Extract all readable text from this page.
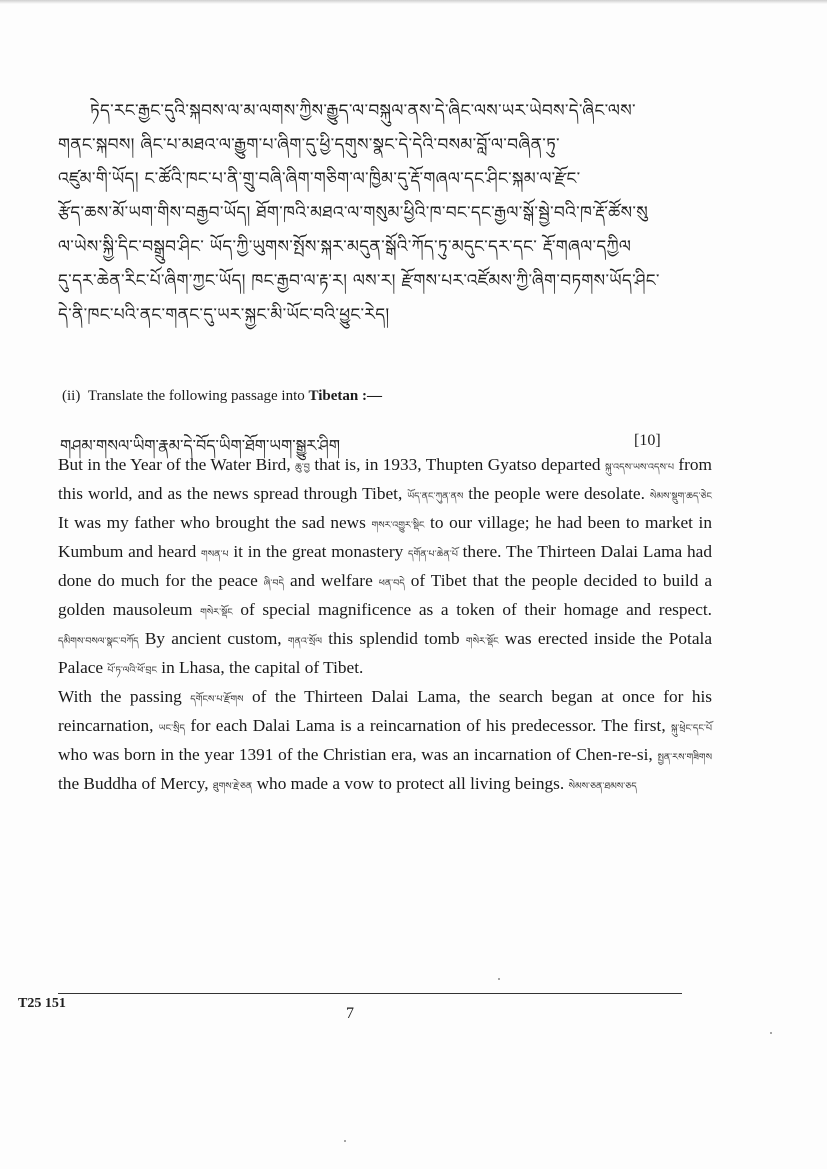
ཏེད་རང་རྒྱང་དུའི་སྐབས་ལ་མ་ལགས་ཀྱིས་རྒྱུད་ལ་བསྐུལ་ནས་དེ་ཞིང་ལས་ཡར་ཡེབས་དེ་ཞིང་ལས་
གནང་སྐབས། ཞིང་པ་མཐའ་ལ་རྒྱུག་པ་ཞིག་དུ་ཕྱི་དགུས་སྣང་དེ་དེའི་བསམ་བློ་ལ་བཞིན་ཏུ་
འཛུམ་གི་ཡོད། ང་ཚོའི་ཁང་པ་ནི་གྲུ་བཞི་ཞིག་གཅིག་ལ་ཁྱིམ་དུ་རྡོ་གཞལ་དང་ཤིང་སྐམ་ལ་རྫོང་
རྩོད་ཆས་མོ་ཡག་གིས་བརྒྱབ་ཡོད། ཐོག་ཁའི་མཐའ་ལ་གསུམ་ཕྱིའི་ཁ་བང་དང་རྒྱལ་སྒོ་སྦྱེ་བའི་ཁ་རྡོ་ཚོས་སུ
ལ་ཡེས་སྐྱི་དིང་བསྒྲུབ་ཤིང་ ཡོད་ཀྱི་ཡུགས་སྤོས་སྐར་མདུན་སྒོའི་ཀོད་ཏུ་མདུང་དར་དང་ རྡོ་གཞལ་དཀྱིལ
དུ་དར་ཆེན་རིང་པོ་ཞིག་ཀྱང་ཡོད། ཁང་རྒྱབ་ལ་རྟ་ར། ལས་ར། རྫོགས་པར་འཛོམས་ཀྱི་ཞིག་བཏགས་ཡོད་ཤིང་
དེ་ནི་ཁང་པའི་ནང་གནང་དུ་ཡར་སྐྱང་མི་ཡོང་བའི་ཕྱུང་རེད།
(ii) Translate the following passage into Tibetan :—
[10]
གཤམ་གསལ་ཡིག་རྣམ་དེ་བོད་ཡིག་ཐོག་ཡག་སྒྱུར་ཤིག

But in the Year of the Water Bird, ཆུ་བྱ that is, in 1933, Thupten Gyatso departed སྐུ་འདས་ཡས་འདས་པ from this world, and as the news spread through Tibet, ཡོད་ནང་ཀུན་ནས the people were desolate. སེམས་སྡུག་ཆད་ཅེང It was my father who brought the sad news གསར་འགྱུར་སྡིང to our village; he had been to market in Kumbum and heard གསན་པ it in the great monastery དགོན་པ་ཆེན་པོ there. The Thirteen Dalai Lama had done do much for the peace ཞི་བདེ and welfare ཕན་བདེ of Tibet that the people decided to build a golden mausoleum གསེར་སྡོང of special magnificence as a token of their homage and respect. དམིགས་བསལ་སྣང་བཀོད By ancient custom, གནའ་སྲོལ this splendid tomb གསེར་སྡོང was erected inside the Potala Palace པོ་ཏ་ལའི་ཕོ་བྲང in Lhasa, the capital of Tibet.

With the passing དགོངས་པ་རྫོགས of the Thirteen Dalai Lama, the search began at once for his reincarnation, ཡང་སྲིད for each Dalai Lama is a reincarnation of his predecessor. The first, སྐུ་ཕྲེང་དང་པོ who was born in the year 1391 of the Christian era, was an incarnation of Chen-re-si, སྤྱན་རས་གཟིགས the Buddha of Mercy, ཐུགས་རྗེ་ཅན who made a vow to protect all living beings. སེམས་ཅན་ཐམས་ཅད

T25 151
7
